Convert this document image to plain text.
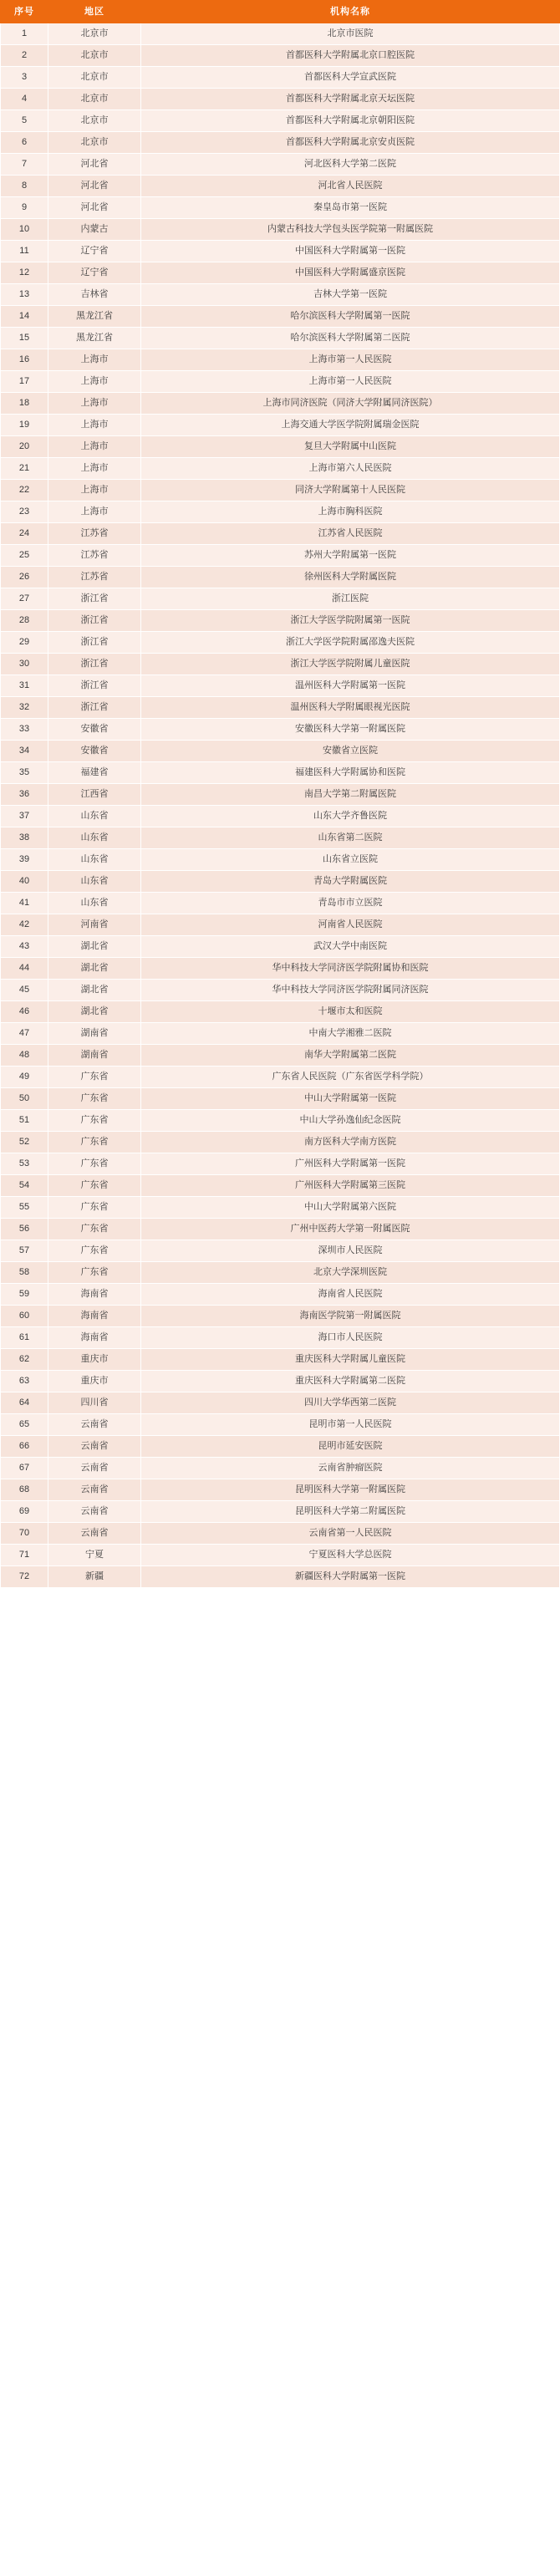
序号	地区	机构名称
1	北京市	北京市医院
2	北京市	首都医科大学附属北京口腔医院
3	北京市	首都医科大学宣武医院
4	北京市	首都医科大学附属北京天坛医院
5	北京市	首都医科大学附属北京朝阳医院
6	北京市	首都医科大学附属北京安贞医院
7	河北省	河北医科大学第二医院
8	河北省	河北省人民医院
9	河北省	秦皇岛市第一医院
10	内蒙古	内蒙古科技大学包头医学院第一附属医院
11	辽宁省	中国医科大学附属第一医院
12	辽宁省	中国医科大学附属盛京医院
13	吉林省	吉林大学第一医院
14	黑龙江省	哈尔滨医科大学附属第一医院
15	黑龙江省	哈尔滨医科大学附属第二医院
16	上海市	上海市第一人民医院
17	上海市	上海市第一人民医院
18	上海市	上海市同济医院（同济大学附属同济医院）
19	上海市	上海交通大学医学院附属瑞金医院
20	上海市	复旦大学附属中山医院
21	上海市	上海市第六人民医院
22	上海市	同济大学附属第十人民医院
23	上海市	上海市胸科医院
24	江苏省	江苏省人民医院
25	江苏省	苏州大学附属第一医院
26	江苏省	徐州医科大学附属医院
27	浙江省	浙江医院
28	浙江省	浙江大学医学院附属第一医院
29	浙江省	浙江大学医学院附属邵逸夫医院
30	浙江省	浙江大学医学院附属儿童医院
31	浙江省	温州医科大学附属第一医院
32	浙江省	温州医科大学附属眼视光医院
33	安徽省	安徽医科大学第一附属医院
34	安徽省	安徽省立医院
35	福建省	福建医科大学附属协和医院
36	江西省	南昌大学第二附属医院
37	山东省	山东大学齐鲁医院
38	山东省	山东省第二医院
39	山东省	山东省立医院
40	山东省	青岛大学附属医院
41	山东省	青岛市市立医院
42	河南省	河南省人民医院
43	湖北省	武汉大学中南医院
44	湖北省	华中科技大学同济医学院附属协和医院
45	湖北省	华中科技大学同济医学院附属同济医院
46	湖北省	十堰市太和医院
47	湖南省	中南大学湘雅二医院
48	湖南省	南华大学附属第二医院
49	广东省	广东省人民医院（广东省医学科学院）
50	广东省	中山大学附属第一医院
51	广东省	中山大学孙逸仙纪念医院
52	广东省	南方医科大学南方医院
53	广东省	广州医科大学附属第一医院
54	广东省	广州医科大学附属第三医院
55	广东省	中山大学附属第六医院
56	广东省	广州中医药大学第一附属医院
57	广东省	深圳市人民医院
58	广东省	北京大学深圳医院
59	海南省	海南省人民医院
60	海南省	海南医学院第一附属医院
61	海南省	海口市人民医院
62	重庆市	重庆医科大学附属儿童医院
63	重庆市	重庆医科大学附属第二医院
64	四川省	四川大学华西第二医院
65	云南省	昆明市第一人民医院
66	云南省	昆明市延安医院
67	云南省	云南省肿瘤医院
68	云南省	昆明医科大学第一附属医院
69	云南省	昆明医科大学第二附属医院
70	云南省	云南省第一人民医院
71	宁夏	宁夏医科大学总医院
72	新疆	新疆医科大学附属第一医院
